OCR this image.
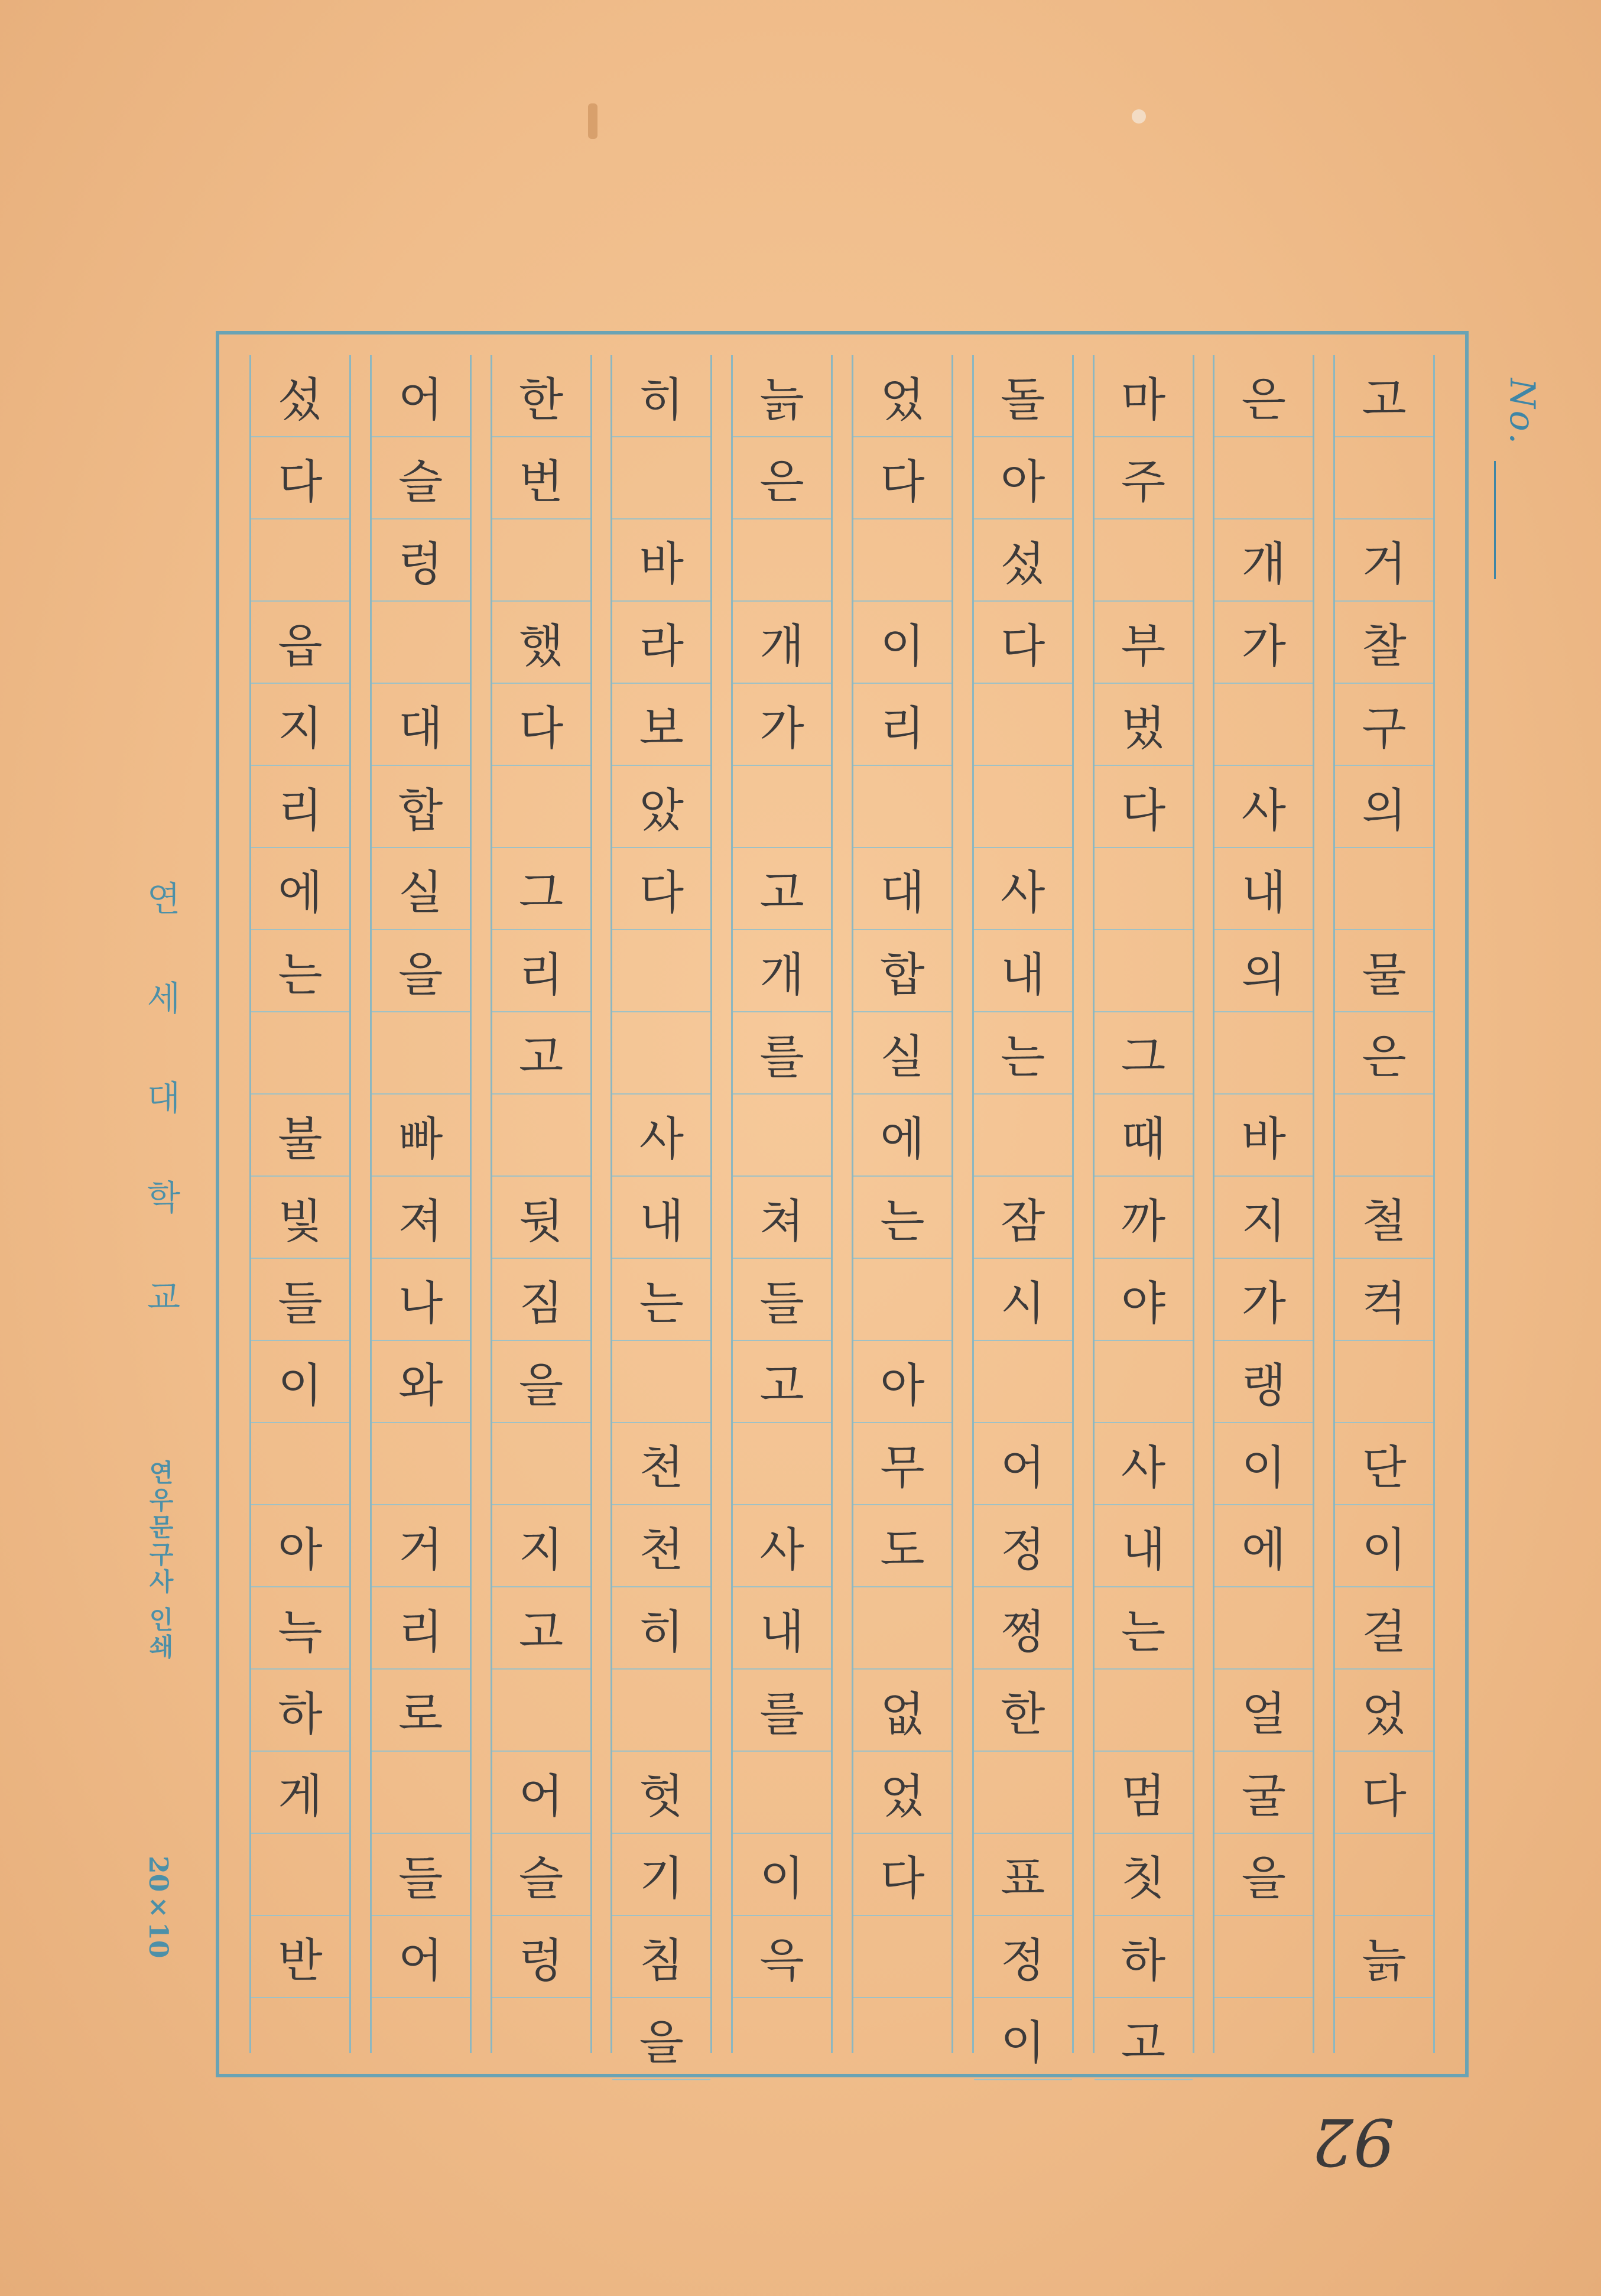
No.
연 세 대 학 교
연우문구사 인쇄
20×10
고
거
찰
구
의
물
은
철
컥
단
이
걸
었
다
늙
은
개
가
사
내
의
바
지
가
랭
이
에
얼
굴
을
마
주
부
벘
다
그
때
까
야
사
내
는
멈
칫
하
고
돌
아
섰
다
사
내
는
잠
시
어
정
쩡
한
표
정
이
었
다
이
리
대
합
실
에
는
아
무
도
없
었
다
늙
은
개
가
고
개
를
쳐
들
고
사
내
를
이
윽
히
바
라
보
았
다
사
내
는
천
천
히
헛
기
침
을
한
번
했
다
그
리
고
뒷
짐
을
지
고
어
슬
렁
어
슬
렁
대
합
실
을
빠
져
나
와
거
리
로
들
어
섰
다
읍
지
리
에
는
불
빛
들
이
아
늑
하
게
반
92
